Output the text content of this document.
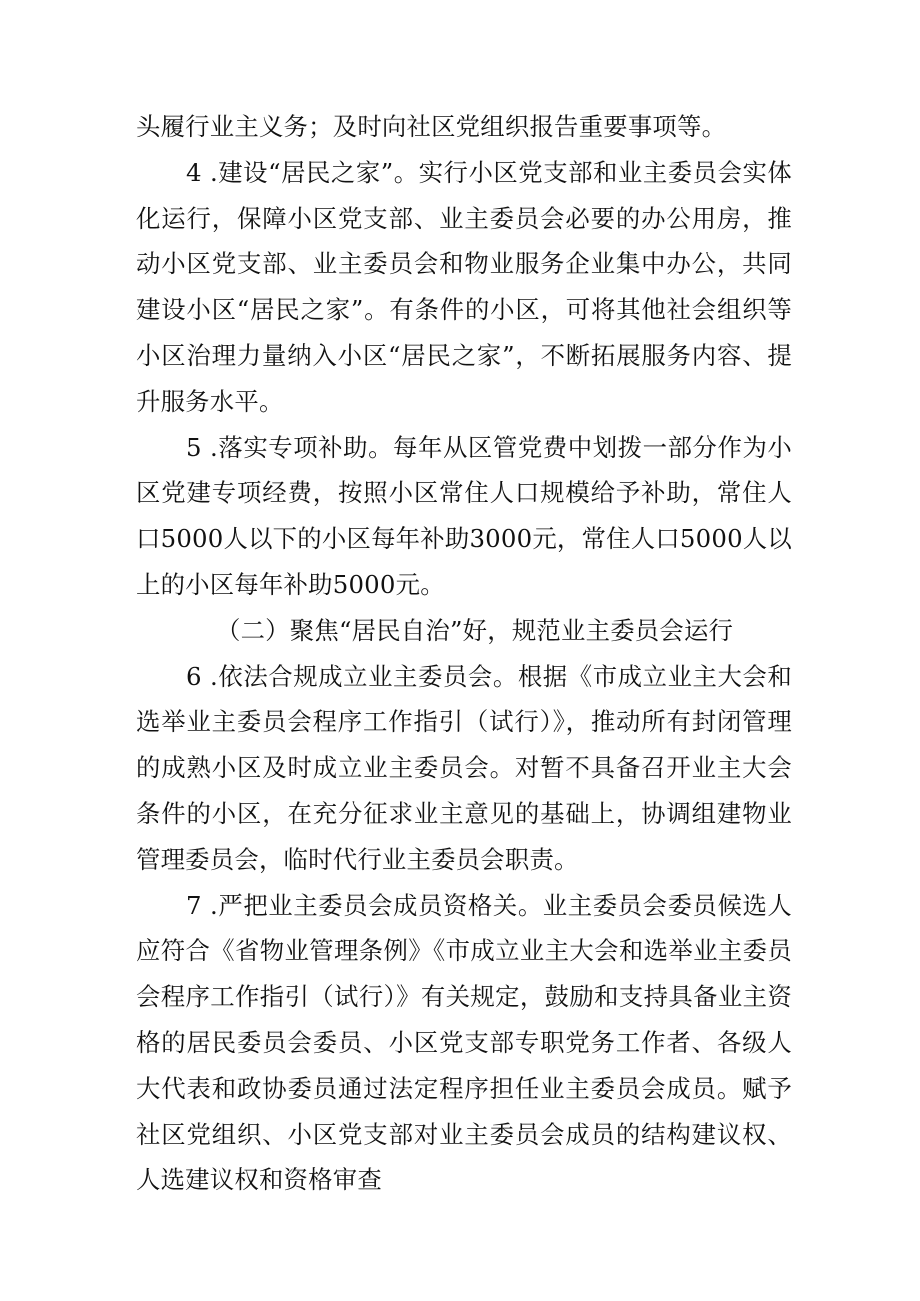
头履行业主义务；及时向社区党组织报告重要事项等。

4 .建设“居民之家”。实行小区党支部和业主委员会实体化运行，保障小区党支部、业主委员会必要的办公用房，推动小区党支部、业主委员会和物业服务企业集中办公，共同建设小区“居民之家”。有条件的小区，可将其他社会组织等小区治理力量纳入小区“居民之家”，不断拓展服务内容、提升服务水平。

5 .落实专项补助。每年从区管党费中划拨一部分作为小区党建专项经费，按照小区常住人口规模给予补助，常住人口5000人以下的小区每年补助3000元，常住人口5000人以上的小区每年补助5000元。

（二）聚焦“居民自治”好，规范业主委员会运行

6 .依法合规成立业主委员会。根据《市成立业主大会和选举业主委员会程序工作指引（试行）》，推动所有封闭管理的成熟小区及时成立业主委员会。对暂不具备召开业主大会条件的小区，在充分征求业主意见的基础上，协调组建物业管理委员会，临时代行业主委员会职责。

7 .严把业主委员会成员资格关。业主委员会委员候选人应符合《省物业管理条例》《市成立业主大会和选举业主委员会程序工作指引（试行）》有关规定，鼓励和支持具备业主资格的居民委员会委员、小区党支部专职党务工作者、各级人大代表和政协委员通过法定程序担任业主委员会成员。赋予社区党组织、小区党支部对业主委员会成员的结构建议权、人选建议权和资格审查
